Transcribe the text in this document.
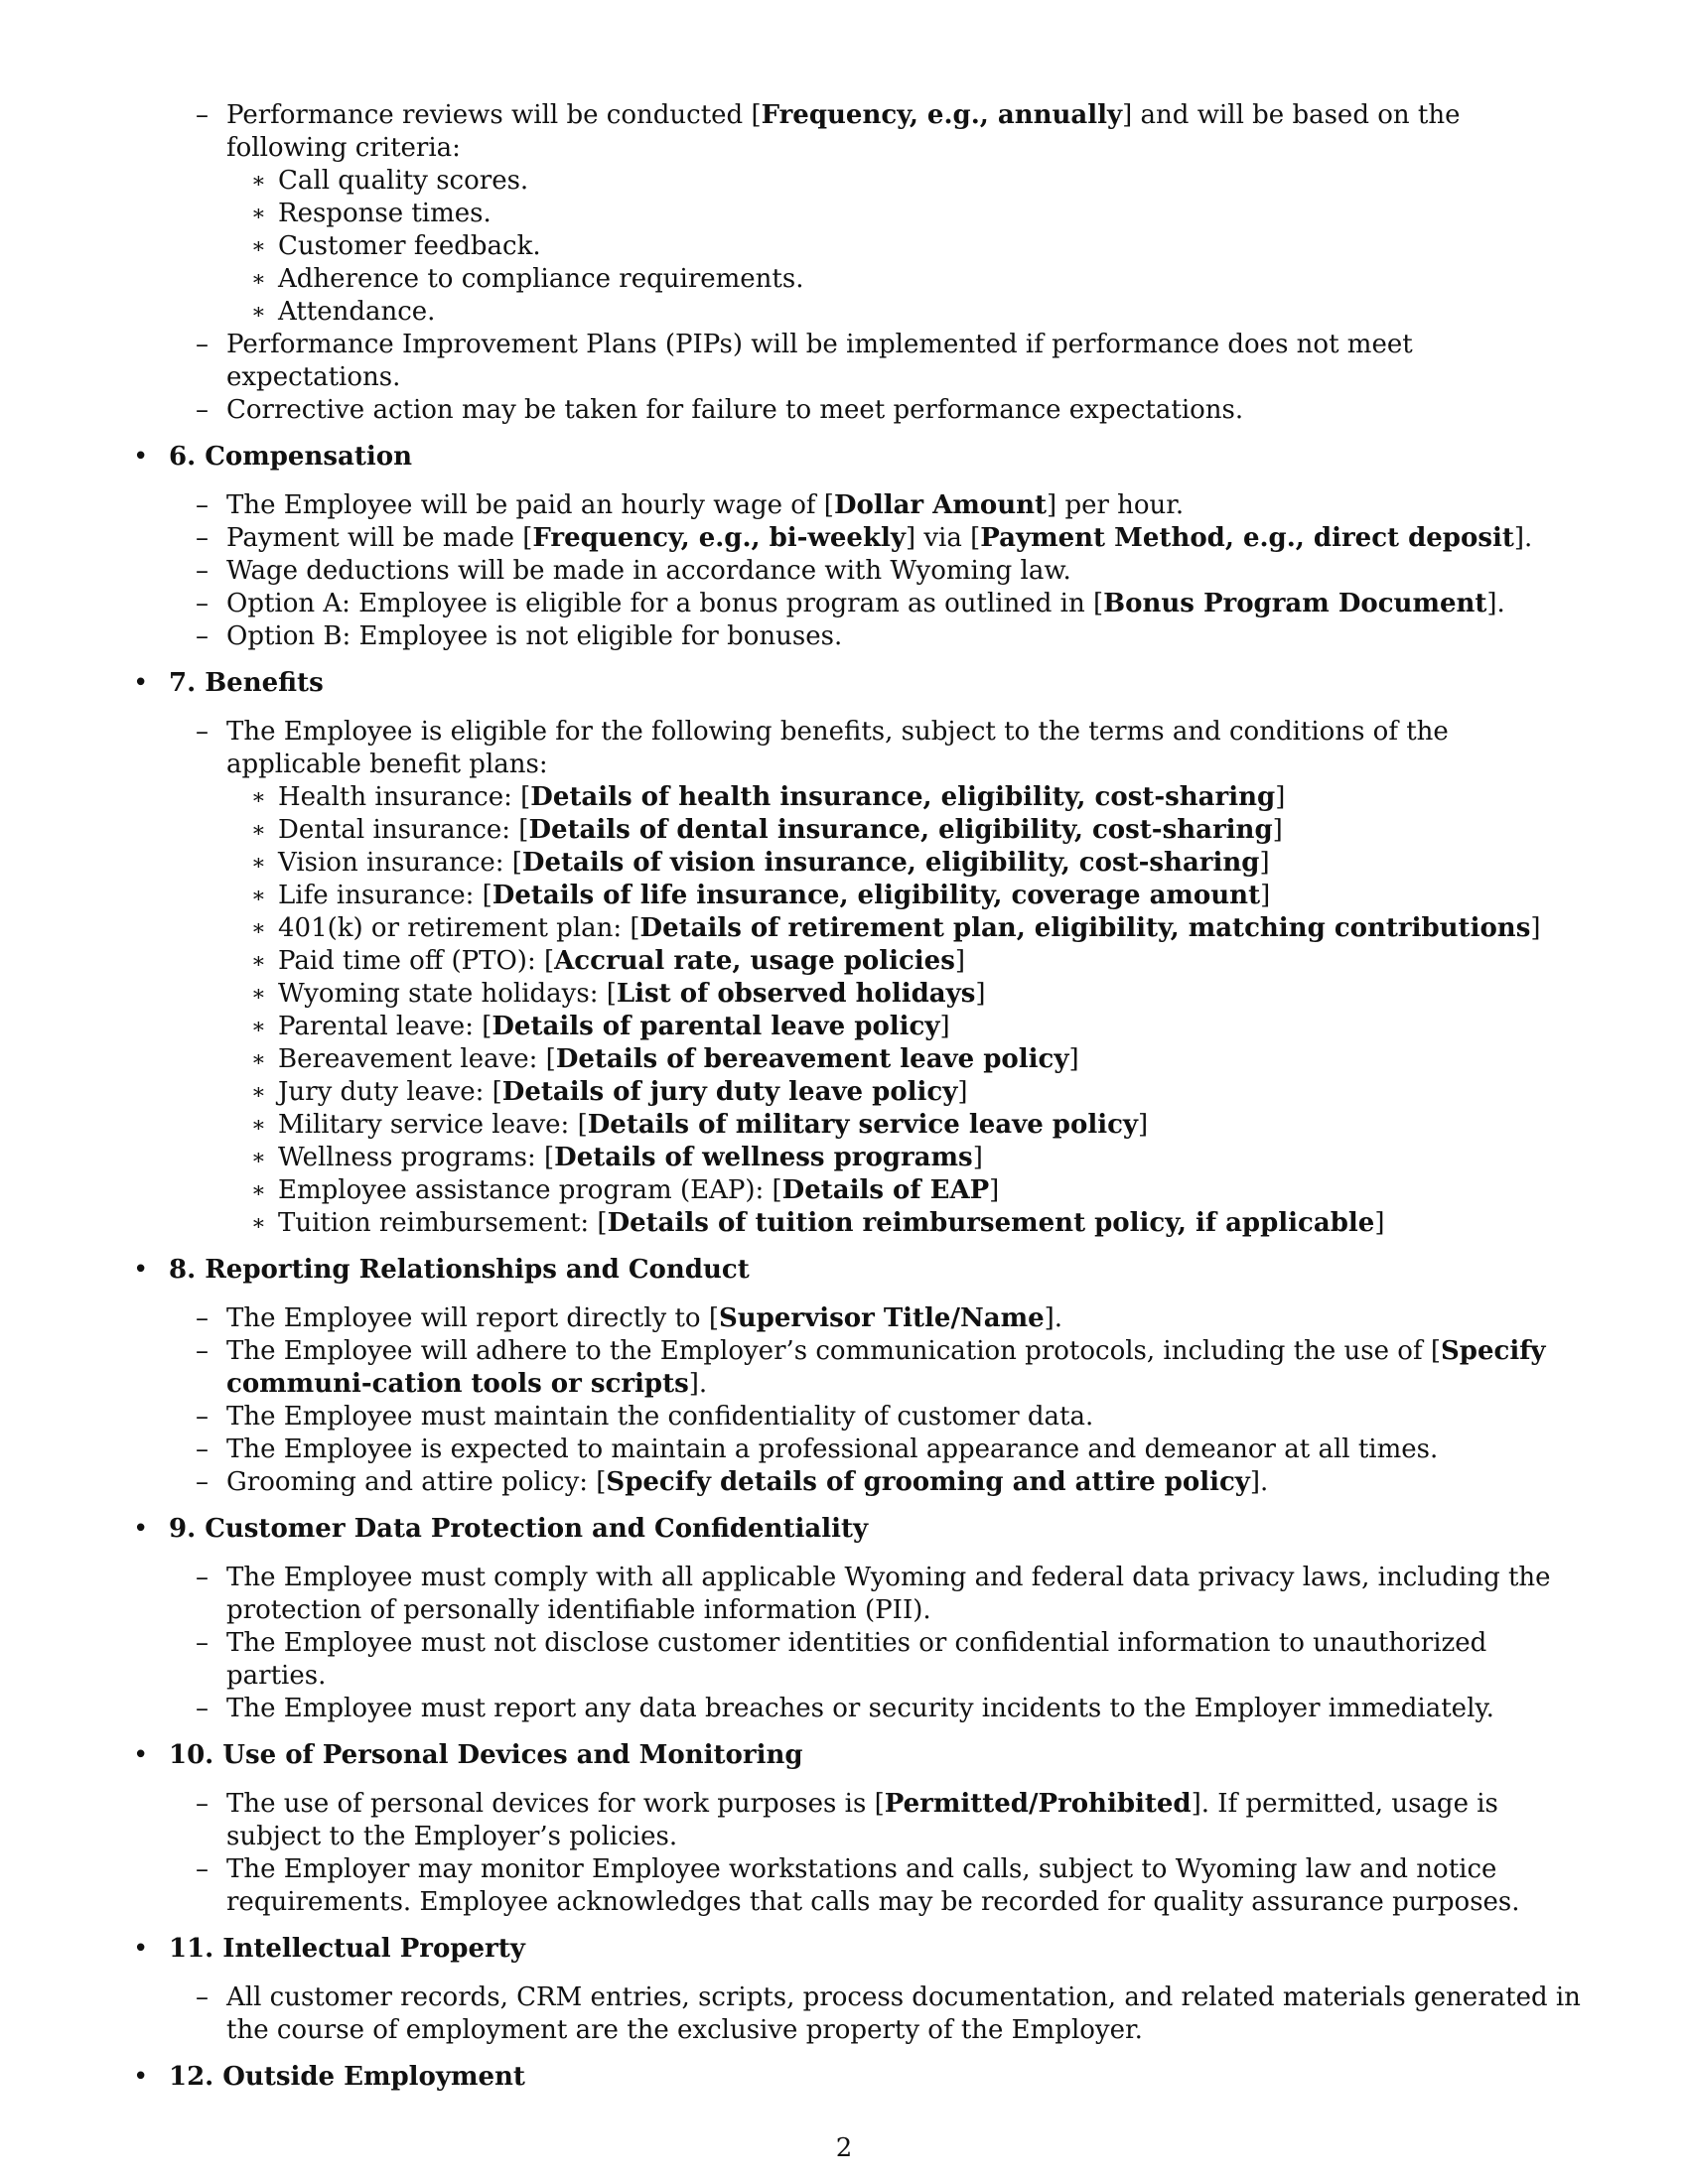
– Performance reviews will be conducted [Frequency, e.g., annually] and will be based on the following criteria:
∗ Call quality scores.
∗ Response times.
∗ Customer feedback.
∗ Adherence to compliance requirements.
∗ Attendance.
– Performance Improvement Plans (PIPs) will be implemented if performance does not meet expectations.
– Corrective action may be taken for failure to meet performance expectations.
• 6. Compensation
– The Employee will be paid an hourly wage of [Dollar Amount] per hour.
– Payment will be made [Frequency, e.g., bi-weekly] via [Payment Method, e.g., direct deposit].
– Wage deductions will be made in accordance with Wyoming law.
– Option A: Employee is eligible for a bonus program as outlined in [Bonus Program Document].
– Option B: Employee is not eligible for bonuses.
• 7. Benefits
– The Employee is eligible for the following benefits, subject to the terms and conditions of the applicable benefit plans:
∗ Health insurance: [Details of health insurance, eligibility, cost-sharing]
∗ Dental insurance: [Details of dental insurance, eligibility, cost-sharing]
∗ Vision insurance: [Details of vision insurance, eligibility, cost-sharing]
∗ Life insurance: [Details of life insurance, eligibility, coverage amount]
∗ 401(k) or retirement plan: [Details of retirement plan, eligibility, matching contributions]
∗ Paid time off (PTO): [Accrual rate, usage policies]
∗ Wyoming state holidays: [List of observed holidays]
∗ Parental leave: [Details of parental leave policy]
∗ Bereavement leave: [Details of bereavement leave policy]
∗ Jury duty leave: [Details of jury duty leave policy]
∗ Military service leave: [Details of military service leave policy]
∗ Wellness programs: [Details of wellness programs]
∗ Employee assistance program (EAP): [Details of EAP]
∗ Tuition reimbursement: [Details of tuition reimbursement policy, if applicable]
• 8. Reporting Relationships and Conduct
– The Employee will report directly to [Supervisor Title/Name].
– The Employee will adhere to the Employer’s communication protocols, including the use of [Specify communi-cation tools or scripts].
– The Employee must maintain the confidentiality of customer data.
– The Employee is expected to maintain a professional appearance and demeanor at all times.
– Grooming and attire policy: [Specify details of grooming and attire policy].
• 9. Customer Data Protection and Confidentiality
– The Employee must comply with all applicable Wyoming and federal data privacy laws, including the protection of personally identifiable information (PII).
– The Employee must not disclose customer identities or confidential information to unauthorized parties.
– The Employee must report any data breaches or security incidents to the Employer immediately.
• 10. Use of Personal Devices and Monitoring
– The use of personal devices for work purposes is [Permitted/Prohibited]. If permitted, usage is subject to the Employer’s policies.
– The Employer may monitor Employee workstations and calls, subject to Wyoming law and notice requirements. Employee acknowledges that calls may be recorded for quality assurance purposes.
• 11. Intellectual Property
– All customer records, CRM entries, scripts, process documentation, and related materials generated in the course of employment are the exclusive property of the Employer.
• 12. Outside Employment
2
